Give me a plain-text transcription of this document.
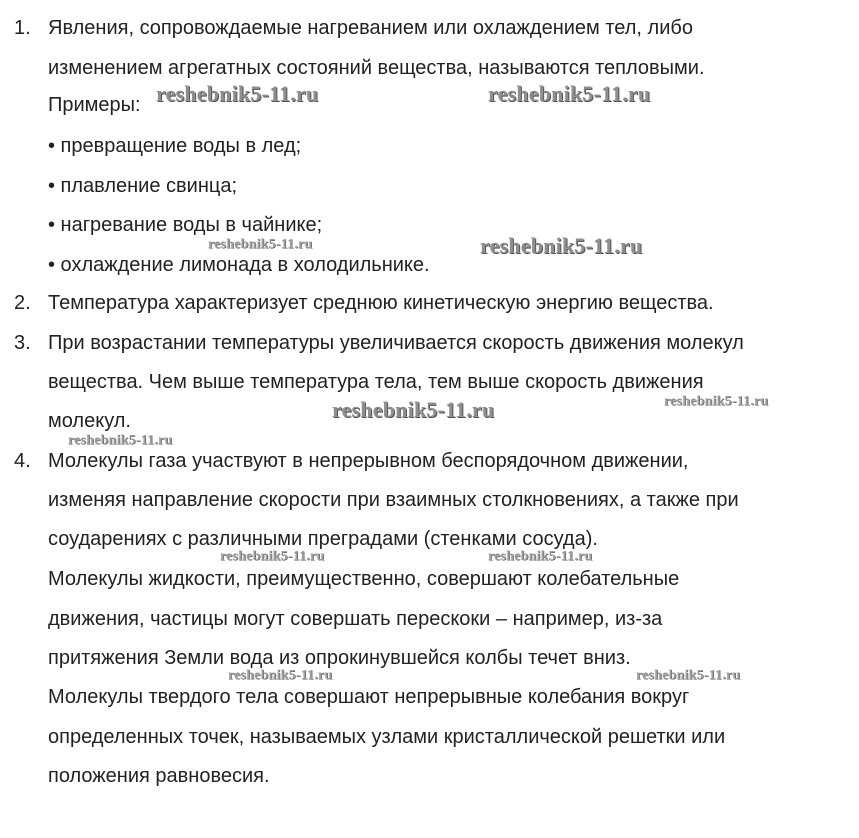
1. Явления, сопровождаемые нагреванием или охлаждением тел, либо
изменением агрегатных состояний вещества, называются тепловыми.
Примеры:
• превращение воды в лед;
• плавление свинца;
• нагревание воды в чайнике;
• охлаждение лимонада в холодильнике.
2. Температура характеризует среднюю кинетическую энергию вещества.
3. При возрастании температуры увеличивается скорость движения молекул
вещества. Чем выше температура тела, тем выше скорость движения
молекул.
4. Молекулы газа участвуют в непрерывном беспорядочном движении,
изменяя направление скорости при взаимных столкновениях, а также при
соударениях с различными преградами (стенками сосуда).
Молекулы жидкости, преимущественно, совершают колебательные
движения, частицы могут совершать перескоки – например, из-за
притяжения Земли вода из опрокинувшейся колбы течет вниз.
Молекулы твердого тела совершают непрерывные колебания вокруг
определенных точек, называемых узлами кристаллической решетки или
положения равновесия.
reshebnik5-11.ru	reshebnik5-11.ru
reshebnik5-11.ru	reshebnik5-11.ru
reshebnik5-11.ru	reshebnik5-11.ru
reshebnik5-11.ru
reshebnik5-11.ru	reshebnik5-11.ru
reshebnik5-11.ru	reshebnik5-11.ru
